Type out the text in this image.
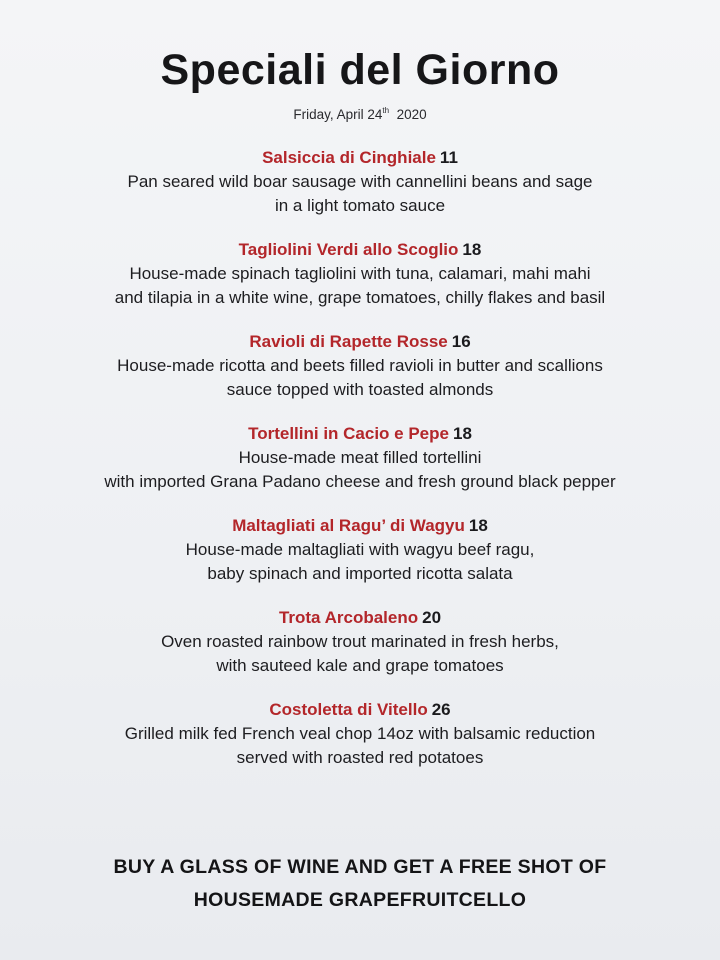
Speciali del Giorno
Friday, April 24th 2020
Salsiccia di Cinghiale 11
Pan seared wild boar sausage with cannellini beans and sage
in a light tomato sauce
Tagliolini Verdi allo Scoglio 18
House-made spinach tagliolini with tuna, calamari, mahi mahi
and tilapia in a white wine, grape tomatoes, chilly flakes and basil
Ravioli di Rapette Rosse 16
House-made ricotta and beets filled ravioli in butter and scallions
sauce topped with toasted almonds
Tortellini in Cacio e Pepe 18
House-made meat filled tortellini
with imported Grana Padano cheese and fresh ground black pepper
Maltagliati al Ragu’ di Wagyu 18
House-made maltagliati with wagyu beef ragu,
baby spinach and imported ricotta salata
Trota Arcobaleno 20
Oven roasted rainbow trout marinated in fresh herbs,
with sauteed kale and grape tomatoes
Costoletta di Vitello 26
Grilled milk fed French veal chop 14oz with balsamic reduction
served with roasted red potatoes
BUY A GLASS OF WINE AND GET A FREE SHOT OF
HOUSEMADE GRAPEFRUITCELLO
